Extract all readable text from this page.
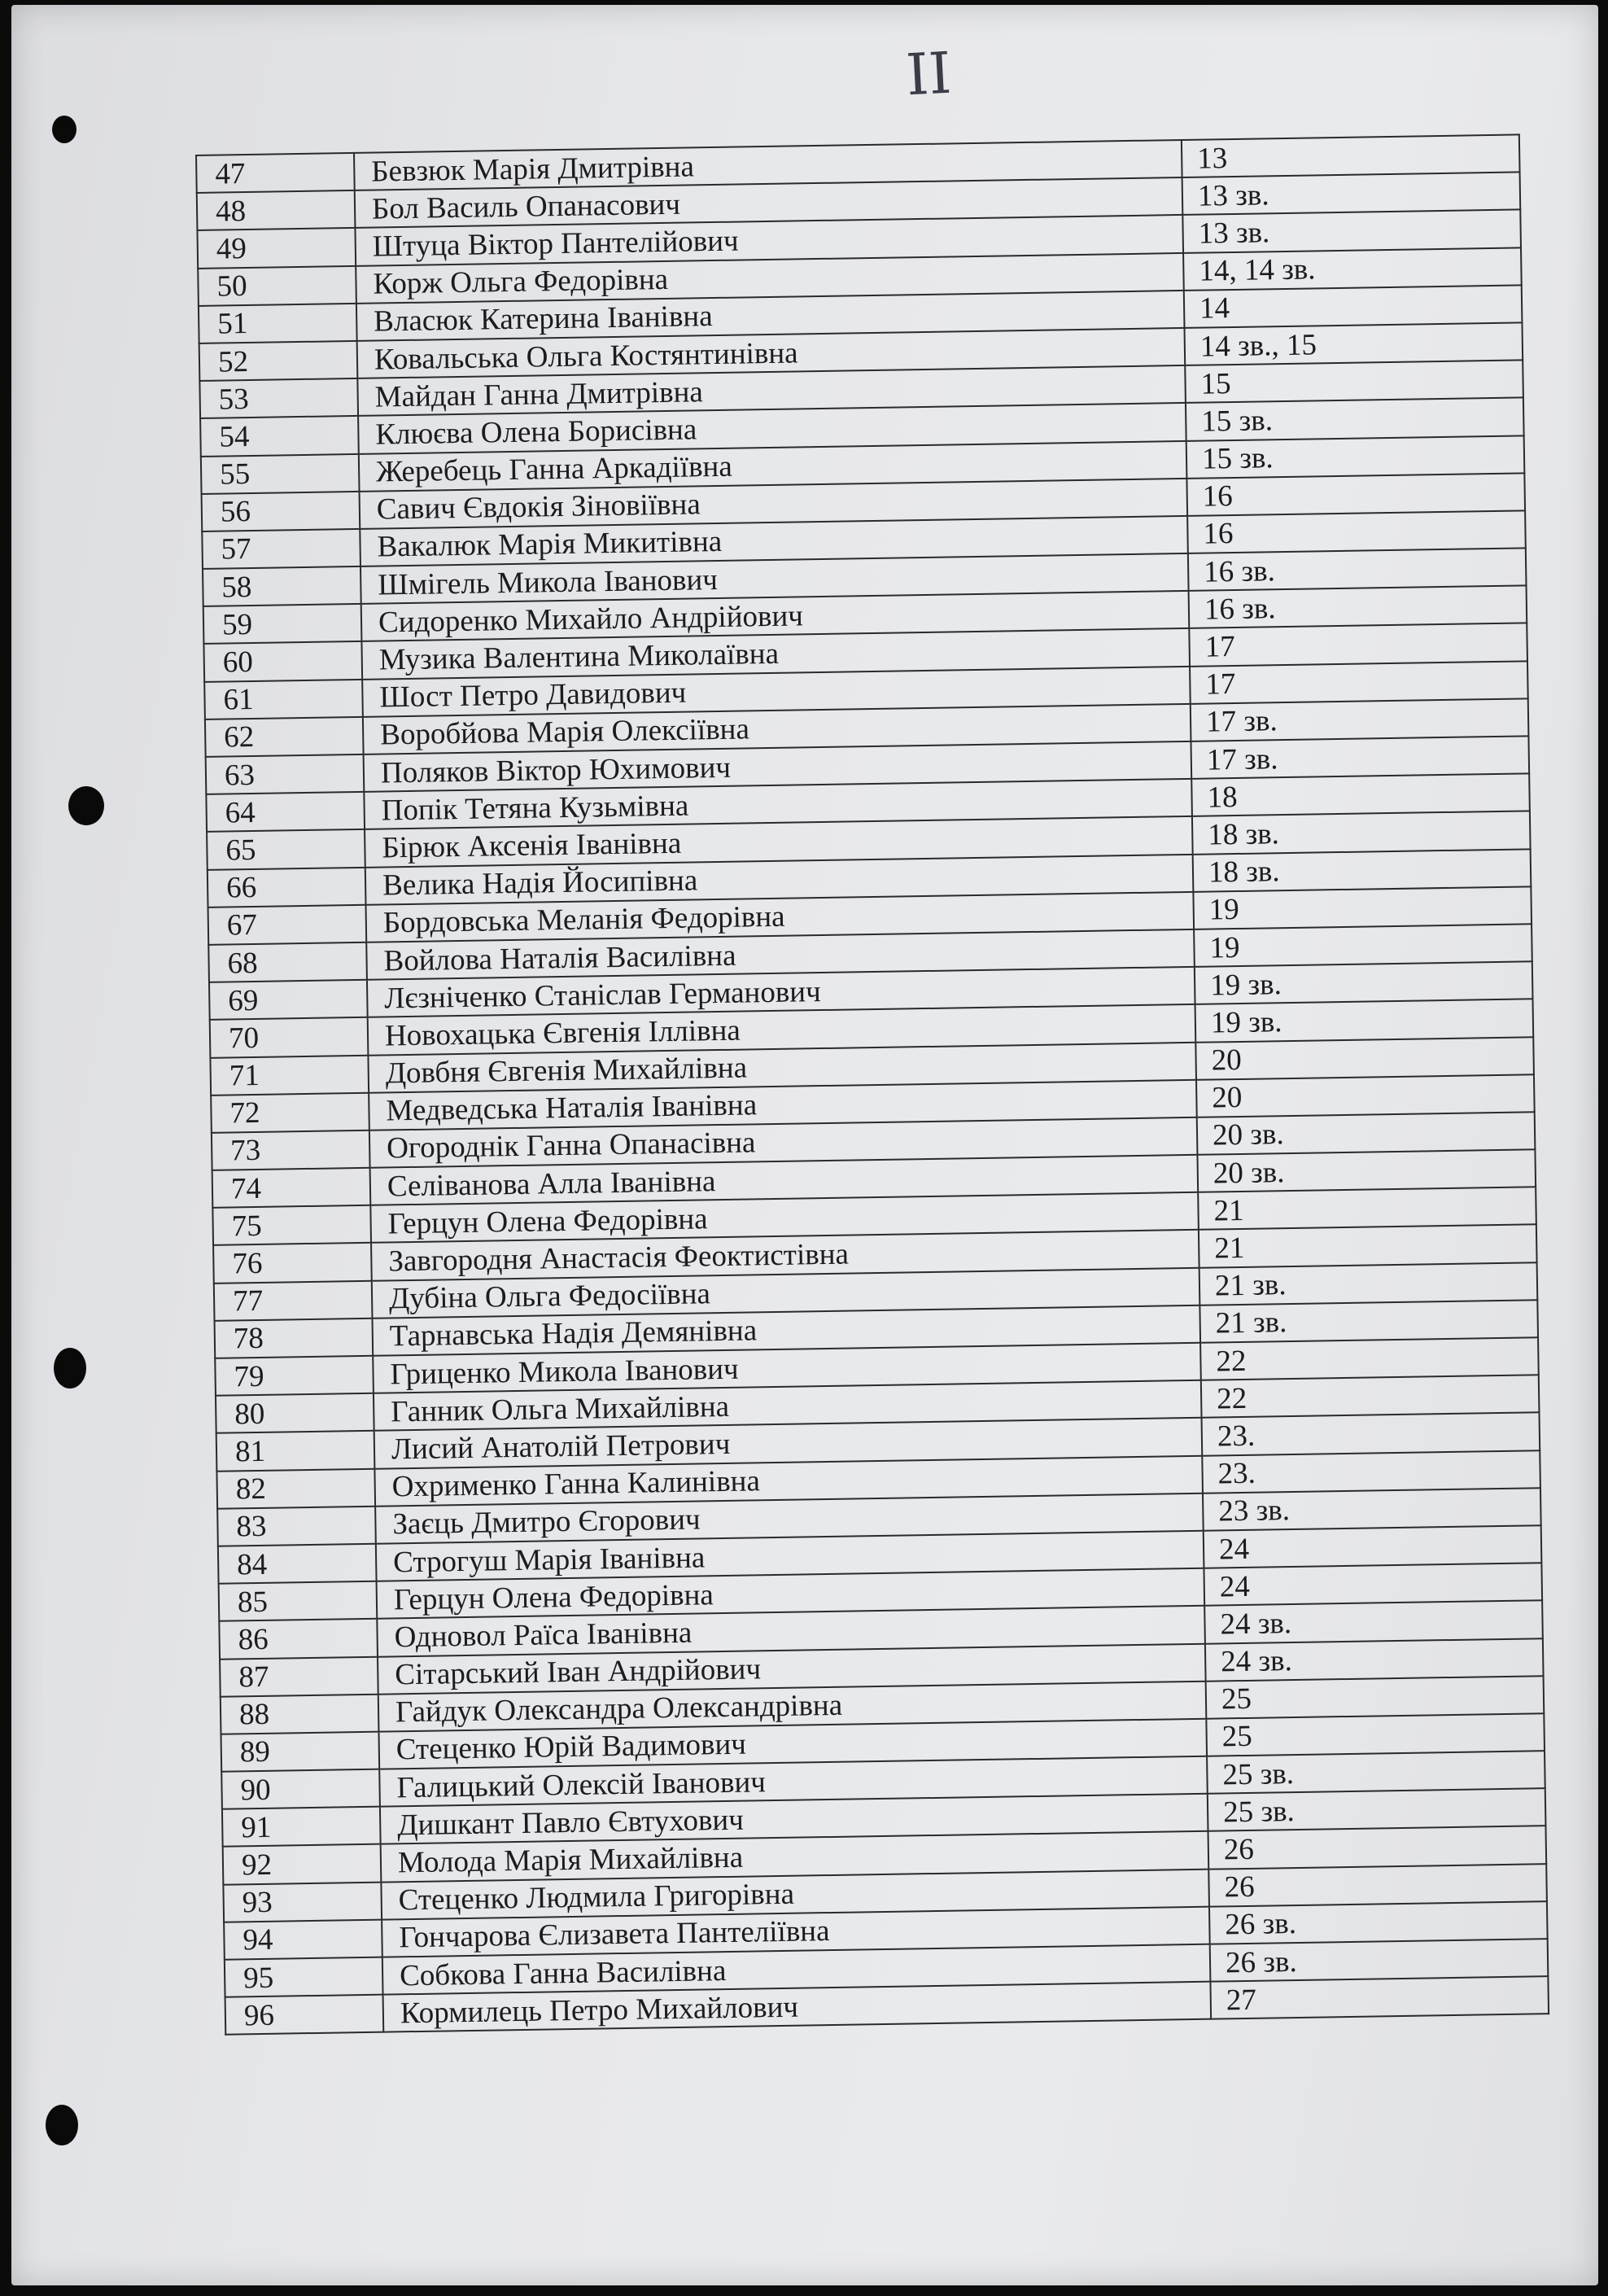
II
47	Бевзюк Марія Дмитрівна	13
48	Бол Василь Опанасович	13 зв.
49	Штуца Віктор Пантелійович	13 зв.
50	Корж Ольга Федорівна	14, 14 зв.
51	Власюк Катерина Іванівна	14
52	Ковальська Ольга Костянтинівна	14 зв., 15
53	Майдан Ганна Дмитрівна	15
54	Клюєва Олена Борисівна	15 зв.
55	Жеребець Ганна Аркадіївна	15 зв.
56	Савич Євдокія Зіновіївна	16
57	Вакалюк Марія Микитівна	16
58	Шмігель Микола Іванович	16 зв.
59	Сидоренко Михайло Андрійович	16 зв.
60	Музика Валентина Миколаївна	17
61	Шост Петро Давидович	17
62	Воробйова Марія Олексіївна	17 зв.
63	Поляков Віктор Юхимович	17 зв.
64	Попік Тетяна Кузьмівна	18
65	Бірюк Аксенія Іванівна	18 зв.
66	Велика Надія Йосипівна	18 зв.
67	Бордовська Меланія Федорівна	19
68	Войлова Наталія Василівна	19
69	Лєзніченко Станіслав Германович	19 зв.
70	Новохацька Євгенія Іллівна	19 зв.
71	Довбня Євгенія Михайлівна	20
72	Медведська Наталія Іванівна	20
73	Огороднік Ганна Опанасівна	20 зв.
74	Селіванова Алла Іванівна	20 зв.
75	Герцун Олена Федорівна	21
76	Завгородня Анастасія Феоктистівна	21
77	Дубіна Ольга Федосіївна	21 зв.
78	Тарнавська Надія Демянівна	21 зв.
79	Гриценко Микола Іванович	22
80	Ганник Ольга Михайлівна	22
81	Лисий Анатолій Петрович	23.
82	Охрименко Ганна Калинівна	23.
83	Заєць Дмитро Єгорович	23 зв.
84	Строгуш Марія Іванівна	24
85	Герцун Олена Федорівна	24
86	Одновол Раїса Іванівна	24 зв.
87	Сітарський Іван Андрійович	24 зв.
88	Гайдук Олександра Олександрівна	25
89	Стеценко Юрій Вадимович	25
90	Галицький Олексій Іванович	25 зв.
91	Дишкант Павло Євтухович	25 зв.
92	Молода Марія Михайлівна	26
93	Стеценко Людмила Григорівна	26
94	Гончарова Єлизавета Пантеліївна	26 зв.
95	Собкова Ганна Василівна	26 зв.
96	Кормилець Петро Михайлович	27
